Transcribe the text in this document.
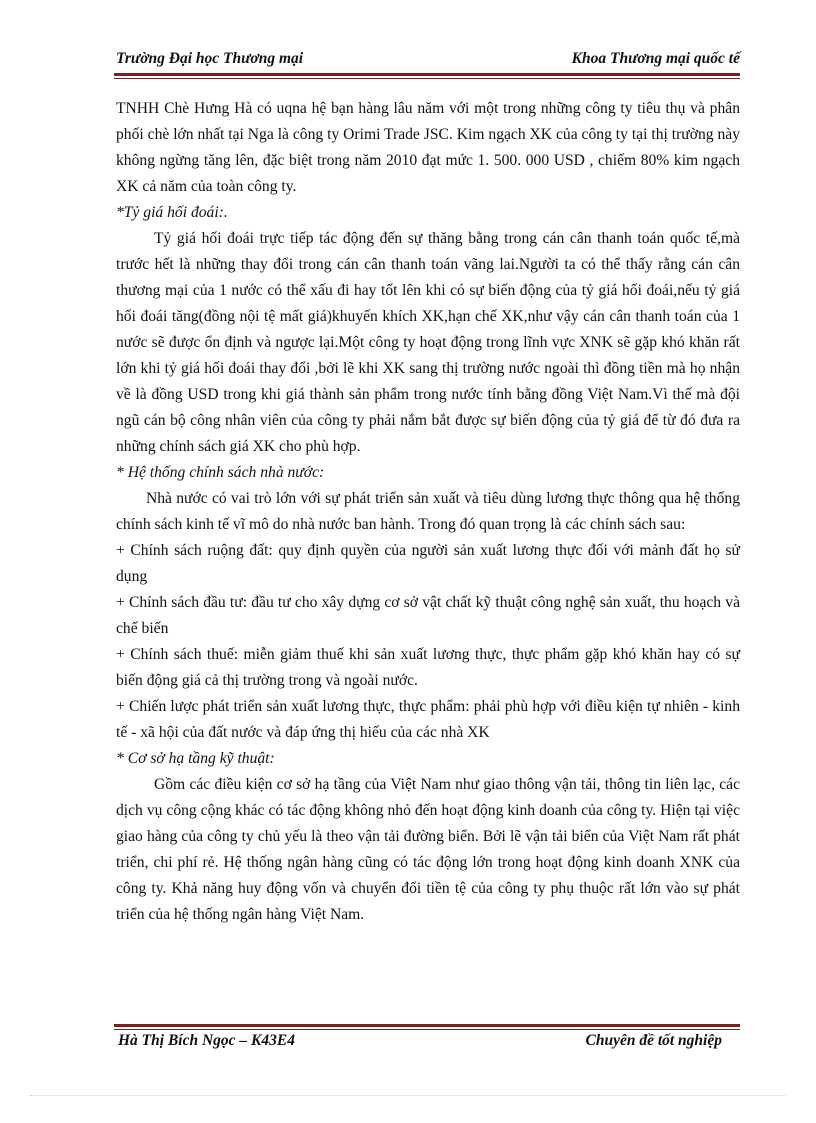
Trường Đại học Thương mại	Khoa Thương mại quốc tế

TNHH Chè Hưng Hà có uqna hệ bạn hàng lâu năm với một trong những công ty tiêu thụ và phân phối chè lớn nhất tại Nga là công ty Orimi Trade JSC. Kim ngạch XK của công ty tại thị trường này không ngừng tăng lên, đặc biệt trong năm 2010 đạt mức 1. 500. 000 USD , chiếm 80% kim ngạch XK cả năm của toàn công ty.

*Tỷ giá hối đoái:.

Tỷ giá hối đoái trực tiếp tác động đến sự thăng bằng trong cán cân thanh toán quốc tế,mà trước hết là những thay đổi trong cán cân thanh toán vãng lai.Người ta có thể thấy rằng cán cân thương mại của 1 nước có thể xấu đi hay tốt lên khi có sự biến động của tỷ giá hối đoái,nếu tỷ giá hối đoái tăng(đồng nội tệ mất giá)khuyến khích XK,hạn chế XK,như vậy cán cân thanh toán của 1 nước sẽ được ổn định và ngược lại.Một công ty hoạt động trong lĩnh vực XNK sẽ gặp khó khăn rất lớn khi tỷ giá hối đoái thay đổi ,bởi lẽ khi XK sang thị trường nước ngoài thì đồng tiền mà họ nhận về là đồng USD trong khi giá thành sản phẩm trong nước tính bằng đồng Việt Nam.Vì thế mà đội ngũ cán bộ công nhân viên của công ty phải nắm bắt được sự biến động của tỷ giá để từ đó đưa ra những chính sách giá XK cho phù hợp.

* Hệ thống chính sách nhà nước:

Nhà nước có vai trò lớn với sự phát triển sản xuất và tiêu dùng lương thực thông qua hệ thống chính sách kinh tế vĩ mô do nhà nước ban hành. Trong đó quan trọng là các chính sách sau:

+ Chính sách ruộng đất: quy định quyền của người sản xuất lương thực đối với mảnh đất họ sử dụng

+ Chính sách đầu tư: đầu tư cho xây dựng cơ sở vật chất kỹ thuật công nghệ sản xuất, thu hoạch và chế biến

+ Chính sách thuế: miễn giảm thuế khi sản xuất lương thực, thực phẩm gặp khó khăn hay có sự biến động giá cả thị trường trong và ngoài nước.

+ Chiến lược phát triển sản xuất lương thực, thực phẩm: phải phù hợp với điều kiện tự nhiên - kinh tế - xã hội của đất nước và đáp ứng thị hiếu của các nhà XK

* Cơ sở hạ tầng kỹ thuật:

Gồm các điều kiện cơ sở hạ tầng của Việt Nam như giao thông vận tải, thông tin liên lạc, các dịch vụ công cộng khác có tác động không nhỏ đến hoạt động kinh doanh của công ty. Hiện tại việc giao hàng của công ty chủ yếu là theo vận tải đường biển. Bởi lẽ vận tải biển của Việt Nam rất phát triển, chi phí rẻ. Hệ thống ngân hàng cũng có tác động lớn trong hoạt động kinh doanh XNK của công ty. Khả năng huy động vốn và chuyển đổi tiền tệ của công ty phụ thuộc rất lớn vào sự phát triển của hệ thống ngân hàng Việt Nam.

Hà Thị Bích Ngọc – K43E4	Chuyên đề tốt nghiệp
